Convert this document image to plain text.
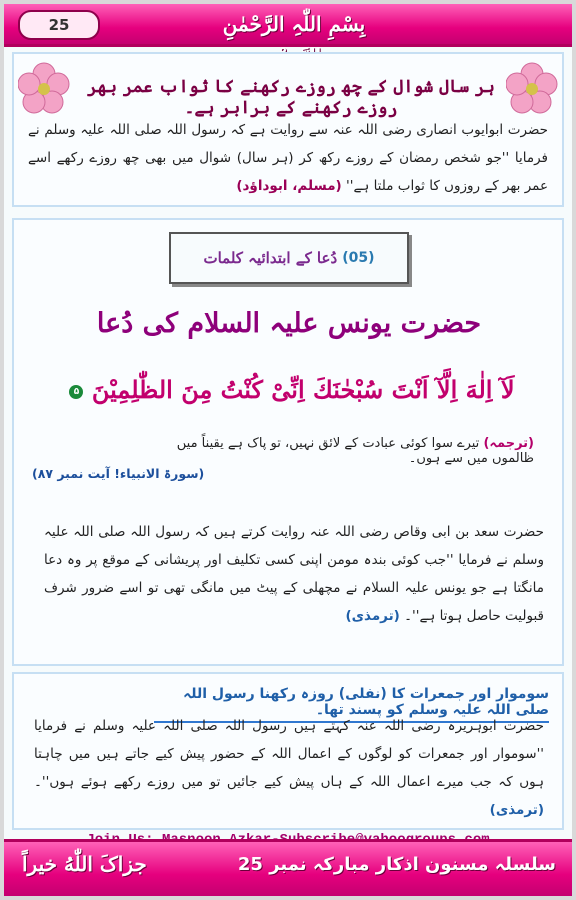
25	بِسْمِ اللّٰہِ الرَّحْمٰنِ
ہر سال شوال کے چھ روزے رکھنے کا ثواب عمر بھر روزے رکھنے کے برابر ہے۔
حضرت ابوایوب انصاری رضی اللہ عنہ سے روایت ہے کہ رسول اللہ صلی اللہ علیہ وسلم نے فرمایا ''جو شخص رمضان کے روزے رکھ کر (ہر سال) شوال میں بھی چھ روزے رکھے اسے عمر بھر کے روزوں کا ثواب ملتا ہے'' (مسلم، ابوداؤد)
دُعا کے ابتدائیہ کلمات
(05)
حضرت یونس علیہ السلام کی دُعا
لَآ اِلٰهَ اِلَّآ اَنْتَ سُبْحٰنَكَ اِنِّیْ كُنْتُ مِنَ الظّٰلِمِیْنَ ۵
(ترجمہ) تیرے سوا کوئی عبادت کے لائق نہیں، تو پاک ہے یقیناً میں ظالموں میں سے ہوں۔
(سورۃ الانبیاء! آیت نمبر ۸۷)
حضرت سعد بن ابی وقاص رضی اللہ عنہ روایت کرتے ہیں کہ رسول اللہ صلی اللہ علیہ وسلم نے فرمایا ''جب کوئی بندہ مومن اپنی کسی تکلیف اور پریشانی کے موقع پر وہ دعا مانگتا ہے جو یونس علیہ السلام نے مچھلی کے پیٹ میں مانگی تھی تو اسے ضرور شرف قبولیت حاصل ہوتا ہے''۔ (ترمذی)
سوموار اور جمعرات کا (نفلی) روزہ رکھنا رسول اللہ صلی اللہ علیہ وسلم کو پسند تھا۔
حضرت ابوہریرہ رضی اللہ عنہ کہتے ہیں رسول اللہ صلی اللہ علیہ وسلم نے فرمایا ''سوموار اور جمعرات کو لوگوں کے اعمال اللہ کے حضور پیش کیے جاتے ہیں میں چاہتا ہوں کہ جب میرے اعمال اللہ کے ہاں پیش کیے جائیں تو میں روزے رکھے ہوئے ہوں''۔ (ترمذی)
جزاکَ اللّٰهُ خیراً	سلسلہ مسنون اذکار مبارکہ نمبر 25
